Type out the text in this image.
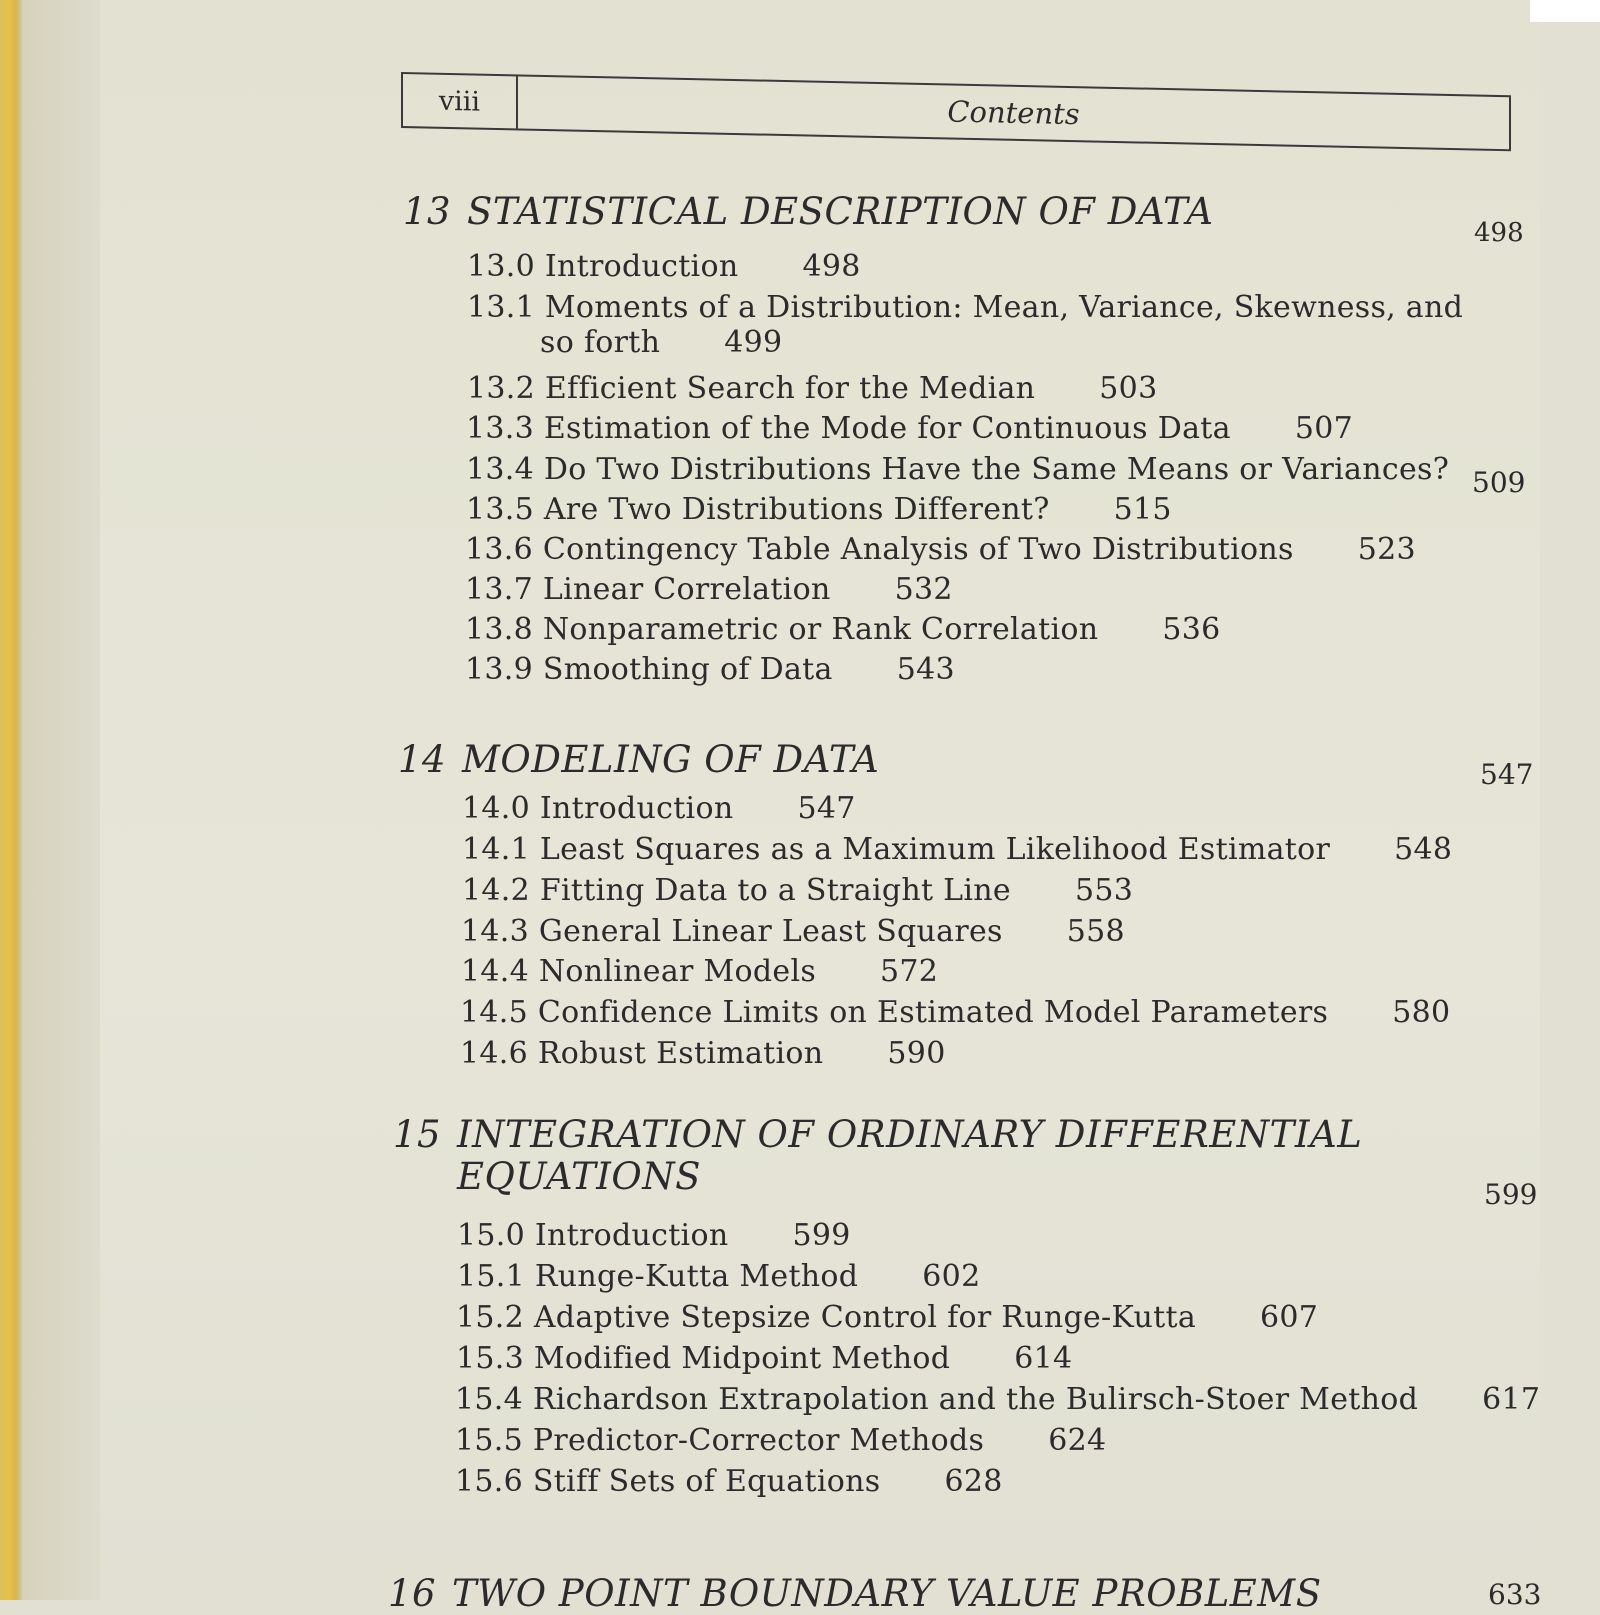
viii	Contents
13 STATISTICAL DESCRIPTION OF DATA	498
13.0 Introduction 498
13.1 Moments of a Distribution: Mean, Variance, Skewness, and
so forth 499
13.2 Efficient Search for the Median 503
13.3 Estimation of the Mode for Continuous Data 507
13.4 Do Two Distributions Have the Same Means or Variances? 509
13.5 Are Two Distributions Different? 515
13.6 Contingency Table Analysis of Two Distributions 523
13.7 Linear Correlation 532
13.8 Nonparametric or Rank Correlation 536
13.9 Smoothing of Data 543
14 MODELING OF DATA	547
14.0 Introduction 547
14.1 Least Squares as a Maximum Likelihood Estimator 548
14.2 Fitting Data to a Straight Line 553
14.3 General Linear Least Squares 558
14.4 Nonlinear Models 572
14.5 Confidence Limits on Estimated Model Parameters 580
14.6 Robust Estimation 590
15 INTEGRATION OF ORDINARY DIFFERENTIAL
EQUATIONS	599
15.0 Introduction 599
15.1 Runge-Kutta Method 602
15.2 Adaptive Stepsize Control for Runge-Kutta 607
15.3 Modified Midpoint Method 614
15.4 Richardson Extrapolation and the Bulirsch-Stoer Method 617
15.5 Predictor-Corrector Methods 624
15.6 Stiff Sets of Equations 628
16 TWO POINT BOUNDARY VALUE PROBLEMS	633
